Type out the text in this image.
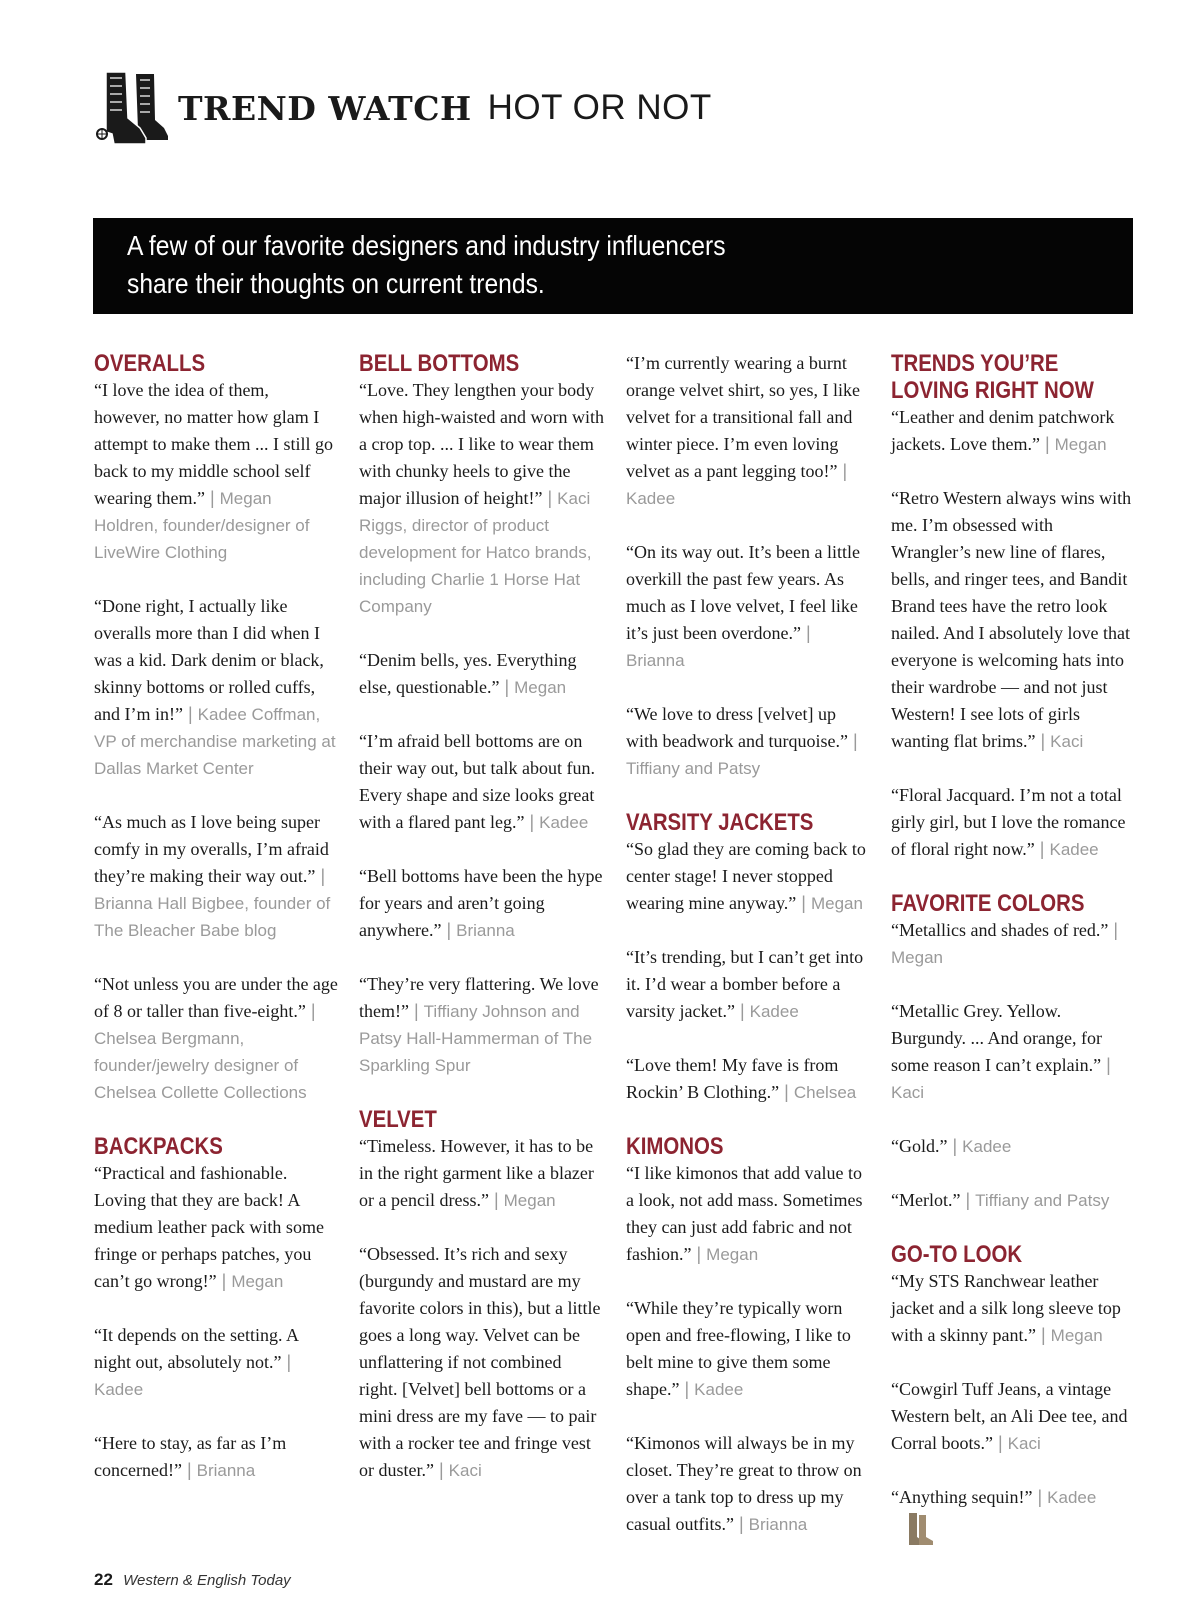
TREND WATCH HOT OR NOT
A few of our favorite designers and industry influencers
share their thoughts on current trends.
OVERALLS

“I love the idea of them, however, no matter how glam I attempt to make them ... I still go back to my middle school self wearing them.” | Megan Holdren, founder/designer of LiveWire Clothing

“Done right, I actually like overalls more than I did when I was a kid. Dark denim or black, skinny bottoms or rolled cuffs, and I’m in!” | Kadee Coffman, VP of merchandise marketing at Dallas Market Center

“As much as I love being super comfy in my overalls, I’m afraid they’re making their way out.” | Brianna Hall Bigbee, founder of The Bleacher Babe blog

“Not unless you are under the age of 8 or taller than five-eight.” | Chelsea Bergmann, founder/jewelry designer of Chelsea Collette Collections

BACKPACKS

“Practical and fashionable. Loving that they are back! A medium leather pack with some fringe or perhaps patches, you can’t go wrong!” | Megan

“It depends on the setting. A night out, absolutely not.” | Kadee

“Here to stay, as far as I’m concerned!” | Brianna

BELL BOTTOMS

“Love. They lengthen your body when high-waisted and worn with a crop top. ... I like to wear them with chunky heels to give the major illusion of height!” | Kaci Riggs, director of product development for Hatco brands, including Charlie 1 Horse Hat Company

“Denim bells, yes. Everything else, questionable.” | Megan

“I’m afraid bell bottoms are on their way out, but talk about fun. Every shape and size looks great with a flared pant leg.” | Kadee

“Bell bottoms have been the hype for years and aren’t going anywhere.” | Brianna

“They’re very flattering. We love them!” | Tiffiany Johnson and Patsy Hall-Hammerman of The Sparkling Spur

VELVET

“Timeless. However, it has to be in the right garment like a blazer or a pencil dress.” | Megan

“Obsessed. It’s rich and sexy (burgundy and mustard are my favorite colors in this), but a little goes a long way. Velvet can be unflattering if not combined right. [Velvet] bell bottoms or a mini dress are my fave — to pair with a rocker tee and fringe vest or duster.” | Kaci

“I’m currently wearing a burnt orange velvet shirt, so yes, I like velvet for a transitional fall and winter piece. I’m even loving velvet as a pant legging too!” | Kadee

“On its way out. It’s been a little overkill the past few years. As much as I love velvet, I feel like it’s just been overdone.” | Brianna

“We love to dress [velvet] up with beadwork and turquoise.” | Tiffiany and Patsy

VARSITY JACKETS

“So glad they are coming back to center stage! I never stopped wearing mine anyway.” | Megan

“It’s trending, but I can’t get into it. I’d wear a bomber before a varsity jacket.” | Kadee

“Love them! My fave is from Rockin’ B Clothing.” | Chelsea

KIMONOS

“I like kimonos that add value to a look, not add mass. Sometimes they can just add fabric and not fashion.” | Megan

“While they’re typically worn open and free-flowing, I like to belt mine to give them some shape.” | Kadee

“Kimonos will always be in my closet. They’re great to throw on over a tank top to dress up my casual outfits.” | Brianna

TRENDS YOU’RE
LOVING RIGHT NOW

“Leather and denim patchwork jackets. Love them.” | Megan

“Retro Western always wins with me. I’m obsessed with Wrangler’s new line of flares, bells, and ringer tees, and Bandit Brand tees have the retro look nailed. And I absolutely love that everyone is welcoming hats into their wardrobe — and not just Western! I see lots of girls wanting flat brims.” | Kaci

“Floral Jacquard. I’m not a total girly girl, but I love the romance of floral right now.” | Kadee

FAVORITE COLORS

“Metallics and shades of red.” | Megan

“Metallic Grey. Yellow. Burgundy. ... And orange, for some reason I can’t explain.” | Kaci

“Gold.” | Kadee

“Merlot.” | Tiffiany and Patsy

GO-TO LOOK

“My STS Ranchwear leather jacket and a silk long sleeve top with a skinny pant.” | Megan

“Cowgirl Tuff Jeans, a vintage Western belt, an Ali Dee tee, and Corral boots.” | Kaci

“Anything sequin!” | Kadee

22 Western & English Today
